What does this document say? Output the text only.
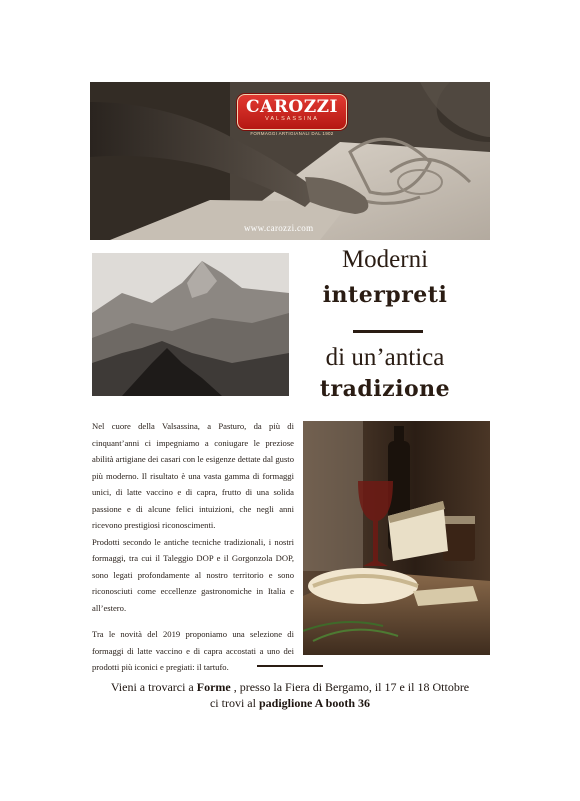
CAROZZI
VALSASSINA
FORMAGGI ARTIGIANALI DAL 1902
www.carozzi.com
Moderni
interpreti
di un’antica
tradizione

Nel cuore della Valsassina, a Pasturo, da più di cinquant’anni ci impegniamo a coniugare le preziose abilità artigiane dei casari con le esigenze dettate dal gusto più moderno. Il risultato è una vasta gamma di formaggi unici, di latte vaccino e di capra, frutto di una solida passione e di alcune felici intuizioni, che negli anni ricevono prestigiosi riconoscimenti.

Prodotti secondo le antiche tecniche tradizionali, i nostri formaggi, tra cui il Taleggio DOP e il Gorgonzola DOP, sono legati profondamente al nostro territorio e sono riconosciuti come eccellenze gastronomiche in Italia e all’estero.

Tra le novità del 2019 proponiamo una selezione di formaggi di latte vaccino e di capra accostati a uno dei prodotti più iconici e pregiati: il tartufo.

Vieni a trovarci a Forme , presso la Fiera di Bergamo, il 17 e il 18 Ottobre
ci trovi al padiglione A booth 36
